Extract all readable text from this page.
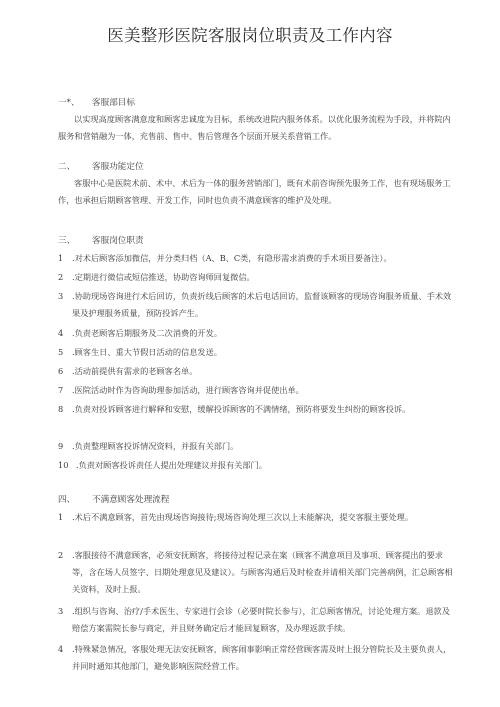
医美整形医院客服岗位职责及工作内容
一*、 客服部目标
以实现高度顾客满意度和顾客忠诚度为目标，系统改进院内服务体系。以优化服务流程为手段，并将院内服务和营销融为一体，充售前、售中、售后管理各个层面开展关系营销工作。
二、 客服功能定位
客服中心是医院术前、术中、术后为一体的服务营销部门，既有术前咨询预先服务工作，也有现场服务工作，也承担后期顾客管理、开发工作，同时也负责不满意顾客的维护及处理。
三、 客服岗位职责
1	.对术后顾客添加微信，并分类归档（A、B、C类，有隐形需求消费的手术项目要备注）。
2	.定期进行微信或短信推送，协助咨询师回复微信。
3	.协助现场咨询进行术后回访，负责折线后顾客的术后电话回访，监督该顾客的现场咨询服务质量、手术效果及护理服务质量，预防投诉产生。
4	.负责老顾客后期服务及二次消费的开发。
5	.顾客生日、重大节假日活动的信息发送。
6	.活动前提供有需求的老顾客名单。
7	.医院活动时作为咨询助理参加活动，进行顾客咨询并促使出单。
8	.负责对投诉顾客进行解释和安慰，缓解投诉顾客的不满情绪，预防将要发生纠纷的顾客投诉。
9	.负责整理顾客投诉情况资料，并报有关部门。
10 .负责对顾客投诉责任人提出处理建议并报有关部门。
四、 不满意顾客处理流程
1	.术后不满意顾客，首先由现场咨询接待;现场咨询处理三次以上未能解决，提交客服主要处理。
2	.客服接待不满意顾客，必须安抚顾客，将接待过程记录在案（顾客不满意项目及事项、顾客提出的要求等，含在场人员签字、日期处理意见及建议）。与顾客沟通后及时检查并请相关部门完善病例，汇总顾客相关资料，及时上报。
3	.组织与咨询、治疗/手术医生、专家进行会诊（必要时院长参与），汇总顾客情况，讨论处理方案。退款及赔偿方案需院长参与商定，并且财务确定后才能回复顾客，及办理返款手续。
4	.特殊紧急情况，客服处理无法安抚顾客，顾客闹事影响正常经营顾客需及时上报分管院长及主要负责人，并同时通知其他部门，避免影响医院经营工作。
